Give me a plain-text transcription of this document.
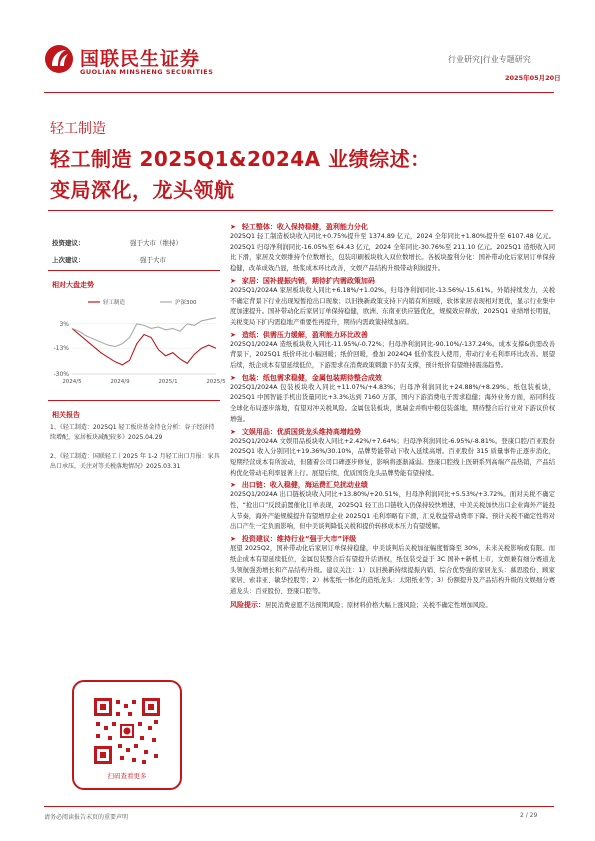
国联民生证券
GUOLIAN MINSHENG SECURITIES
行业研究|行业专题研究
2025年05月20日
轻工制造
轻工制造 2025Q1&2024A 业绩综述：
变局深化，龙头领航
投资建议：	强于大市（维持）
上次建议：	强于大市
相对大盘走势
3%
-13%
-30%
2024/5	2024/9	2025/1	2025/5
轻工制造	沪深300
相关报告
1、《轻工制造：2025Q1 轻工板块基金持仓分析：谷子经济持续增配，家居板块减配较多》2025.04.29
2、《轻工制造：国联轻工丨2025 年 1-2 月轻工出口月报：家具出口承压，关注对等关税落地情况》2025.03.31
扫码查看更多
➤ 轻工整体：收入保持稳健，盈利能力分化
2025Q1 轻工制造板块收入同比+0.75%提升至 1374.89 亿元，2024 全年同比+1.80%提升至 6107.48 亿元。2025Q1 归母净利润同比-16.05%至 64.43 亿元，2024 全年同比-30.76%至 211.10 亿元。2025Q1 造纸收入同比下滑，家居及文娱维持个位数增长，包装印刷板块收入双位数增长。各板块盈利分化：国补带动化后家居订单保持稳健，改革成效凸显，纸浆成本环比改善，文娱产品结构升级带动利润提升。
➤ 家居：国补提振内销，期待扩内需政策加码
2025Q1/2024A 家居板块收入同比+6.18%/+1.02%，归母净利润同比-13.56%/-15.61%。外销持续发力，关税不确定背景下行业出现短暂抢出口现象；以旧换新政策支持下内销有所回暖，软体家居表现相对更优，显示行业集中度加速提升。国补带动化后家居订单保持稳健，欧洲、东南亚供应链优化，规模效应释放，2025Q1 业绩增长明显，关税变局下扩内需稳地产重要性再提升，期待内需政策持续加码。
➤ 造纸：供需压力缓解，盈利能力环比改善
2025Q1/2024A 造纸板块收入同比-11.95%/-0.72%；归母净利润同比-90.10%/-137.24%。成本支撑&供需改善背景下，2025Q1 纸价环比小幅回暖；纸价回暖，叠加 2024Q4 低价浆投入使用，带动行业毛利率环比改善。展望后续，纸企成本有望延续低位，下游需求在消费政策刺激下仍有支撑，预计纸价有望维持震荡趋势。
➤ 包装：纸包需求稳健，金属包装期待整合成效
2025Q1/2024A 包装板块收入同比+11.07%/+4.83%；归母净利润同比+24.88%/+8.29%。纸包装板块，2025Q1 中国智能手机出货量同比+3.3%达到 7160 万部，国内下游消费电子需求稳健；海外业务方面，裕同科技全球化布局逐步落地，有望对冲关税风险。金属包装板块，奥瑞金并购中粮包装落地，期待整合后行业对下游议价权增强。
➤ 文娱用品：优质国货龙头维持高增趋势
2025Q1/2024A 文娱用品板块收入同比+2.42%/+7.64%；归母净利润同比-6.95%/-8.81%。登康口腔/百亚股份 2025Q1 收入分别同比+19.36%/30.10%，品牌势能带动下收入延续高增。百亚股份 315 质量事件正逐步消化，短期经营成本有所波动，但随着公司口碑逐步修复，影响将逐渐减弱。登康口腔线上医研系列高端产品热销，产品结构优化带动毛利率显著上行。展望后续，优质国货龙头品牌势能有望持续。
➤ 出口链：收入稳健，海运费汇兑扰动业绩
2025Q1/2024A 出口链板块收入同比+13.80%/+20.51%，归母净利润同比+5.53%/+3.72%。面对关税不确定性，“抢出口”反段前置催化订单表现，2025Q1 轻工出口链收入仍保持较快增速，中美关税加快出口企业海外产能投入节奏，海外产能规模提升有望增厚企业 2025Q1 毛利率略有下滑，汇兑收益带动费率下降。预计关税不确定性将对出口产生一定负面影响，但中美谈判降低关税和提价转移成本压力有望缓解。
➤ 投资建议：维持行业“强于大市”评级
展望 2025Q2，国补带动化后家居订单保持稳健，中美谈判后关税加征幅度暂降至 30%，未来关税影响或有限。而纸企成本有望延续低位，金属包装整合后有望提升话语权，纸包装受益于 3C 国补+新机上市，文娱兼有细分赛道龙头领航强劲增长和产品结构升级。建议关注：1）以旧换新持续提振内销、综合优势强的家居龙头：慕思股份、顾家家居、索菲亚、敏华控股等；2）林浆纸一体化的造纸龙头：太阳纸业等；3）份额提升及产品结构升级的文娱细分赛道龙头：百亚股份、登康口腔等。
风险提示：居民消费意愿不达预期风险；原材料价格大幅上涨风险；关税不确定性增加风险。
请务必阅读报告末页的重要声明	2 / 29
